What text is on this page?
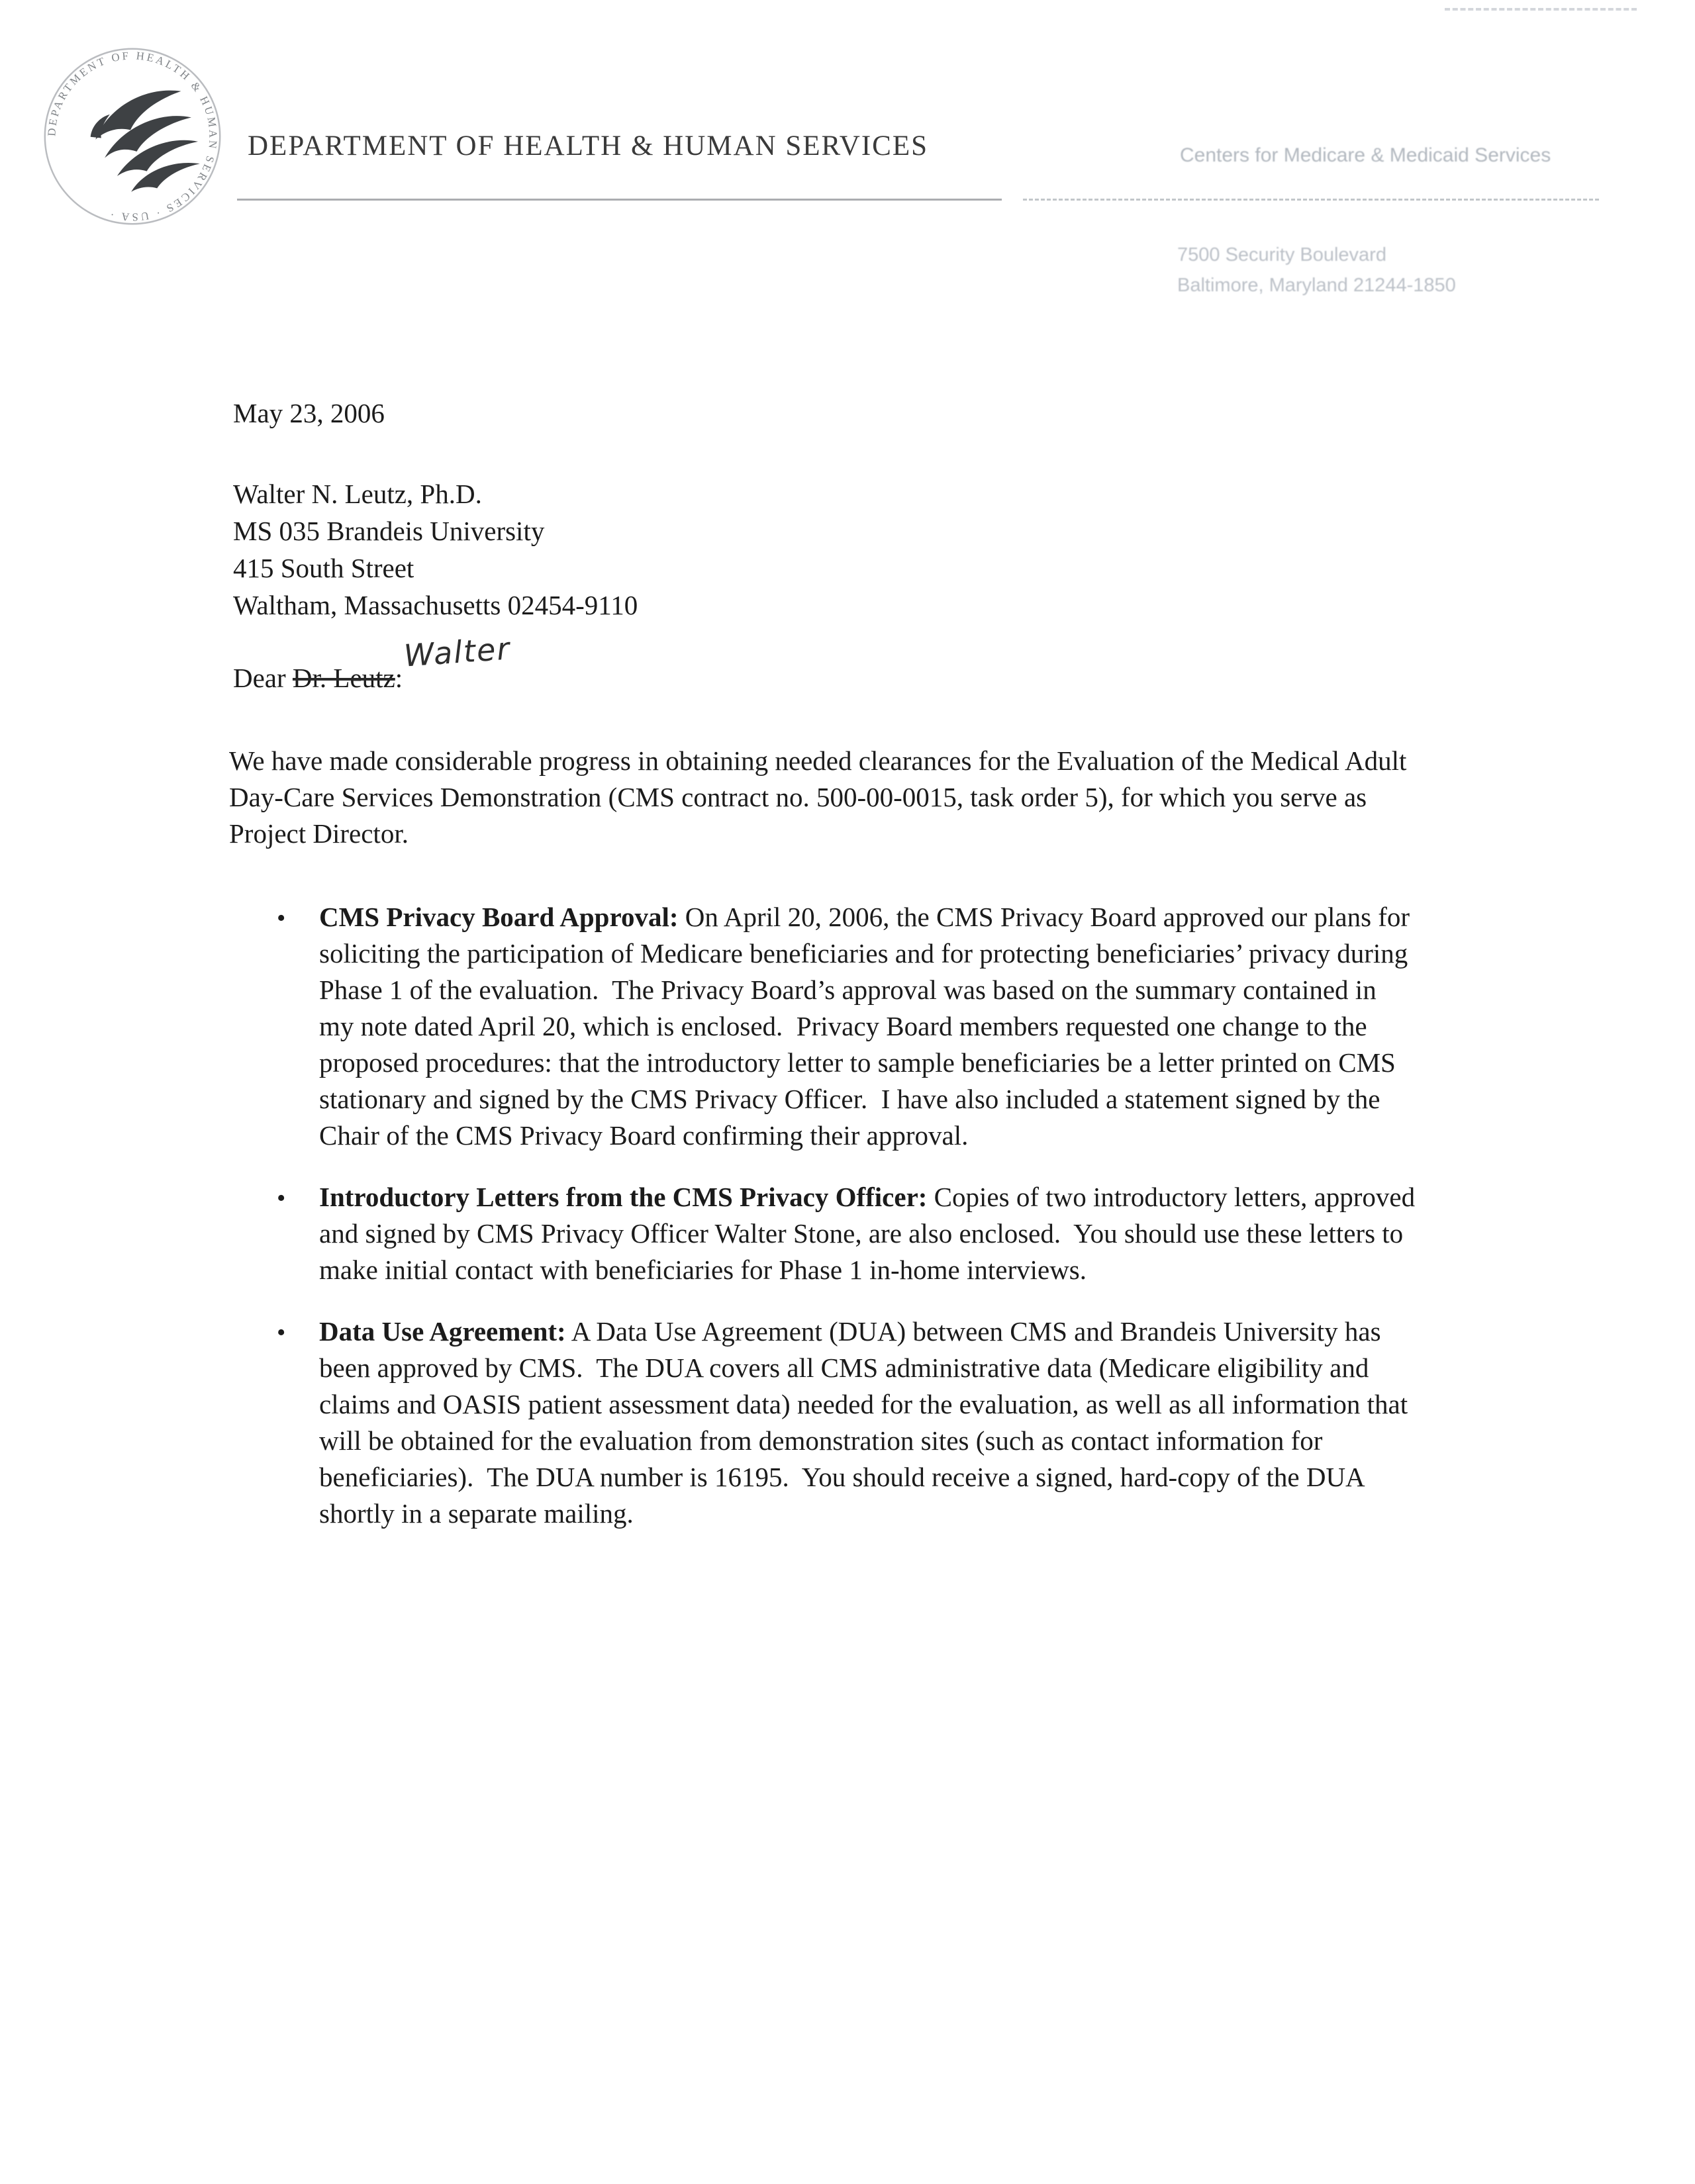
DEPARTMENT OF HEALTH & HUMAN SERVICES · USA ·
DEPARTMENT OF HEALTH & HUMAN SERVICES	Centers for Medicare & Medicaid Services
7500 Security Boulevard
Baltimore, Maryland 21244-1850
May 23, 2006
Walter N. Leutz, Ph.D.
MS 035 Brandeis University
415 South Street
Waltham, Massachusetts 02454-9110
Dear Dr. Leutz:
Walter

We have made considerable progress in obtaining needed clearances for the Evaluation of the Medical Adult Day-Care Services Demonstration (CMS contract no. 500-00-0015, task order 5), for which you serve as Project Director.

•	CMS Privacy Board Approval: On April 20, 2006, the CMS Privacy Board approved our plans for soliciting the participation of Medicare beneficiaries and for protecting beneficiaries’ privacy during Phase 1 of the evaluation.  The Privacy Board’s approval was based on the summary contained in my note dated April 20, which is enclosed.  Privacy Board members requested one change to the proposed procedures: that the introductory letter to sample beneficiaries be a letter printed on CMS stationary and signed by the CMS Privacy Officer.  I have also included a statement signed by the Chair of the CMS Privacy Board confirming their approval.
•	Introductory Letters from the CMS Privacy Officer: Copies of two introductory letters, approved and signed by CMS Privacy Officer Walter Stone, are also enclosed.  You should use these letters to make initial contact with beneficiaries for Phase 1 in-home interviews.
•	Data Use Agreement: A Data Use Agreement (DUA) between CMS and Brandeis University has been approved by CMS.  The DUA covers all CMS administrative data (Medicare eligibility and claims and OASIS patient assessment data) needed for the evaluation, as well as all information that will be obtained for the evaluation from demonstration sites (such as contact information for beneficiaries).  The DUA number is 16195.  You should receive a signed, hard-copy of the DUA shortly in a separate mailing.
